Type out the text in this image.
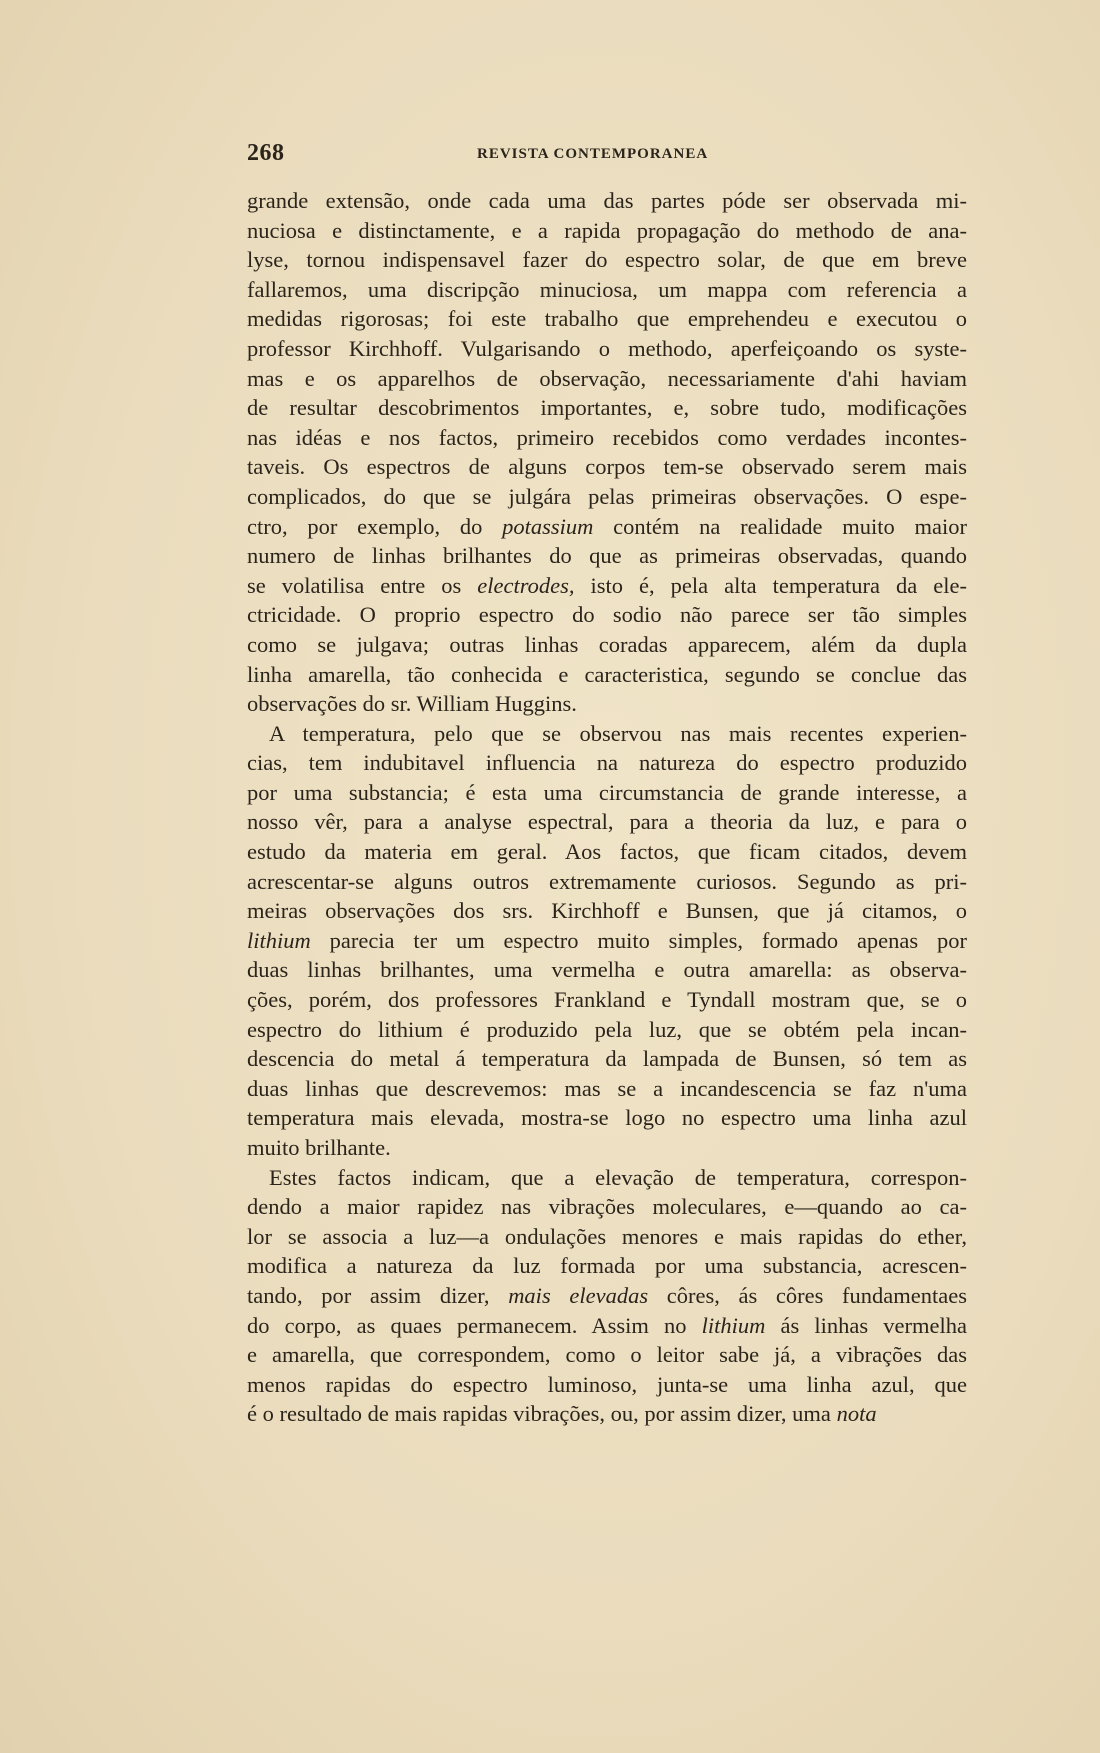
268	REVISTA CONTEMPORANEA
grande extensão, onde cada uma das partes póde ser observada mi-
nuciosa e distinctamente, e a rapida propagação do methodo de ana-
lyse, tornou indispensavel fazer do espectro solar, de que em breve
fallaremos, uma discripção minuciosa, um mappa com referencia a
medidas rigorosas; foi este trabalho que emprehendeu e executou o
professor Kirchhoff. Vulgarisando o methodo, aperfeiçoando os syste-
mas e os apparelhos de observação, necessariamente d'ahi haviam
de resultar descobrimentos importantes, e, sobre tudo, modificações
nas idéas e nos factos, primeiro recebidos como verdades incontes-
taveis. Os espectros de alguns corpos tem-se observado serem mais
complicados, do que se julgára pelas primeiras observações. O espe-
ctro, por exemplo, do potassium contém na realidade muito maior
numero de linhas brilhantes do que as primeiras observadas, quando
se volatilisa entre os electrodes, isto é, pela alta temperatura da ele-
ctricidade. O proprio espectro do sodio não parece ser tão simples
como se julgava; outras linhas coradas apparecem, além da dupla
linha amarella, tão conhecida e caracteristica, segundo se conclue das
observações do sr. William Huggins.
A temperatura, pelo que se observou nas mais recentes experien-
cias, tem indubitavel influencia na natureza do espectro produzido
por uma substancia; é esta uma circumstancia de grande interesse, a
nosso vêr, para a analyse espectral, para a theoria da luz, e para o
estudo da materia em geral. Aos factos, que ficam citados, devem
acrescentar-se alguns outros extremamente curiosos. Segundo as pri-
meiras observações dos srs. Kirchhoff e Bunsen, que já citamos, o
lithium parecia ter um espectro muito simples, formado apenas por
duas linhas brilhantes, uma vermelha e outra amarella: as observa-
ções, porém, dos professores Frankland e Tyndall mostram que, se o
espectro do lithium é produzido pela luz, que se obtém pela incan-
descencia do metal á temperatura da lampada de Bunsen, só tem as
duas linhas que descrevemos: mas se a incandescencia se faz n'uma
temperatura mais elevada, mostra-se logo no espectro uma linha azul
muito brilhante.
Estes factos indicam, que a elevação de temperatura, correspon-
dendo a maior rapidez nas vibrações moleculares, e—quando ao ca-
lor se associa a luz—a ondulações menores e mais rapidas do ether,
modifica a natureza da luz formada por uma substancia, acrescen-
tando, por assim dizer, mais elevadas côres, ás côres fundamentaes
do corpo, as quaes permanecem. Assim no lithium ás linhas vermelha
e amarella, que correspondem, como o leitor sabe já, a vibrações das
menos rapidas do espectro luminoso, junta-se uma linha azul, que
é o resultado de mais rapidas vibrações, ou, por assim dizer, uma nota
